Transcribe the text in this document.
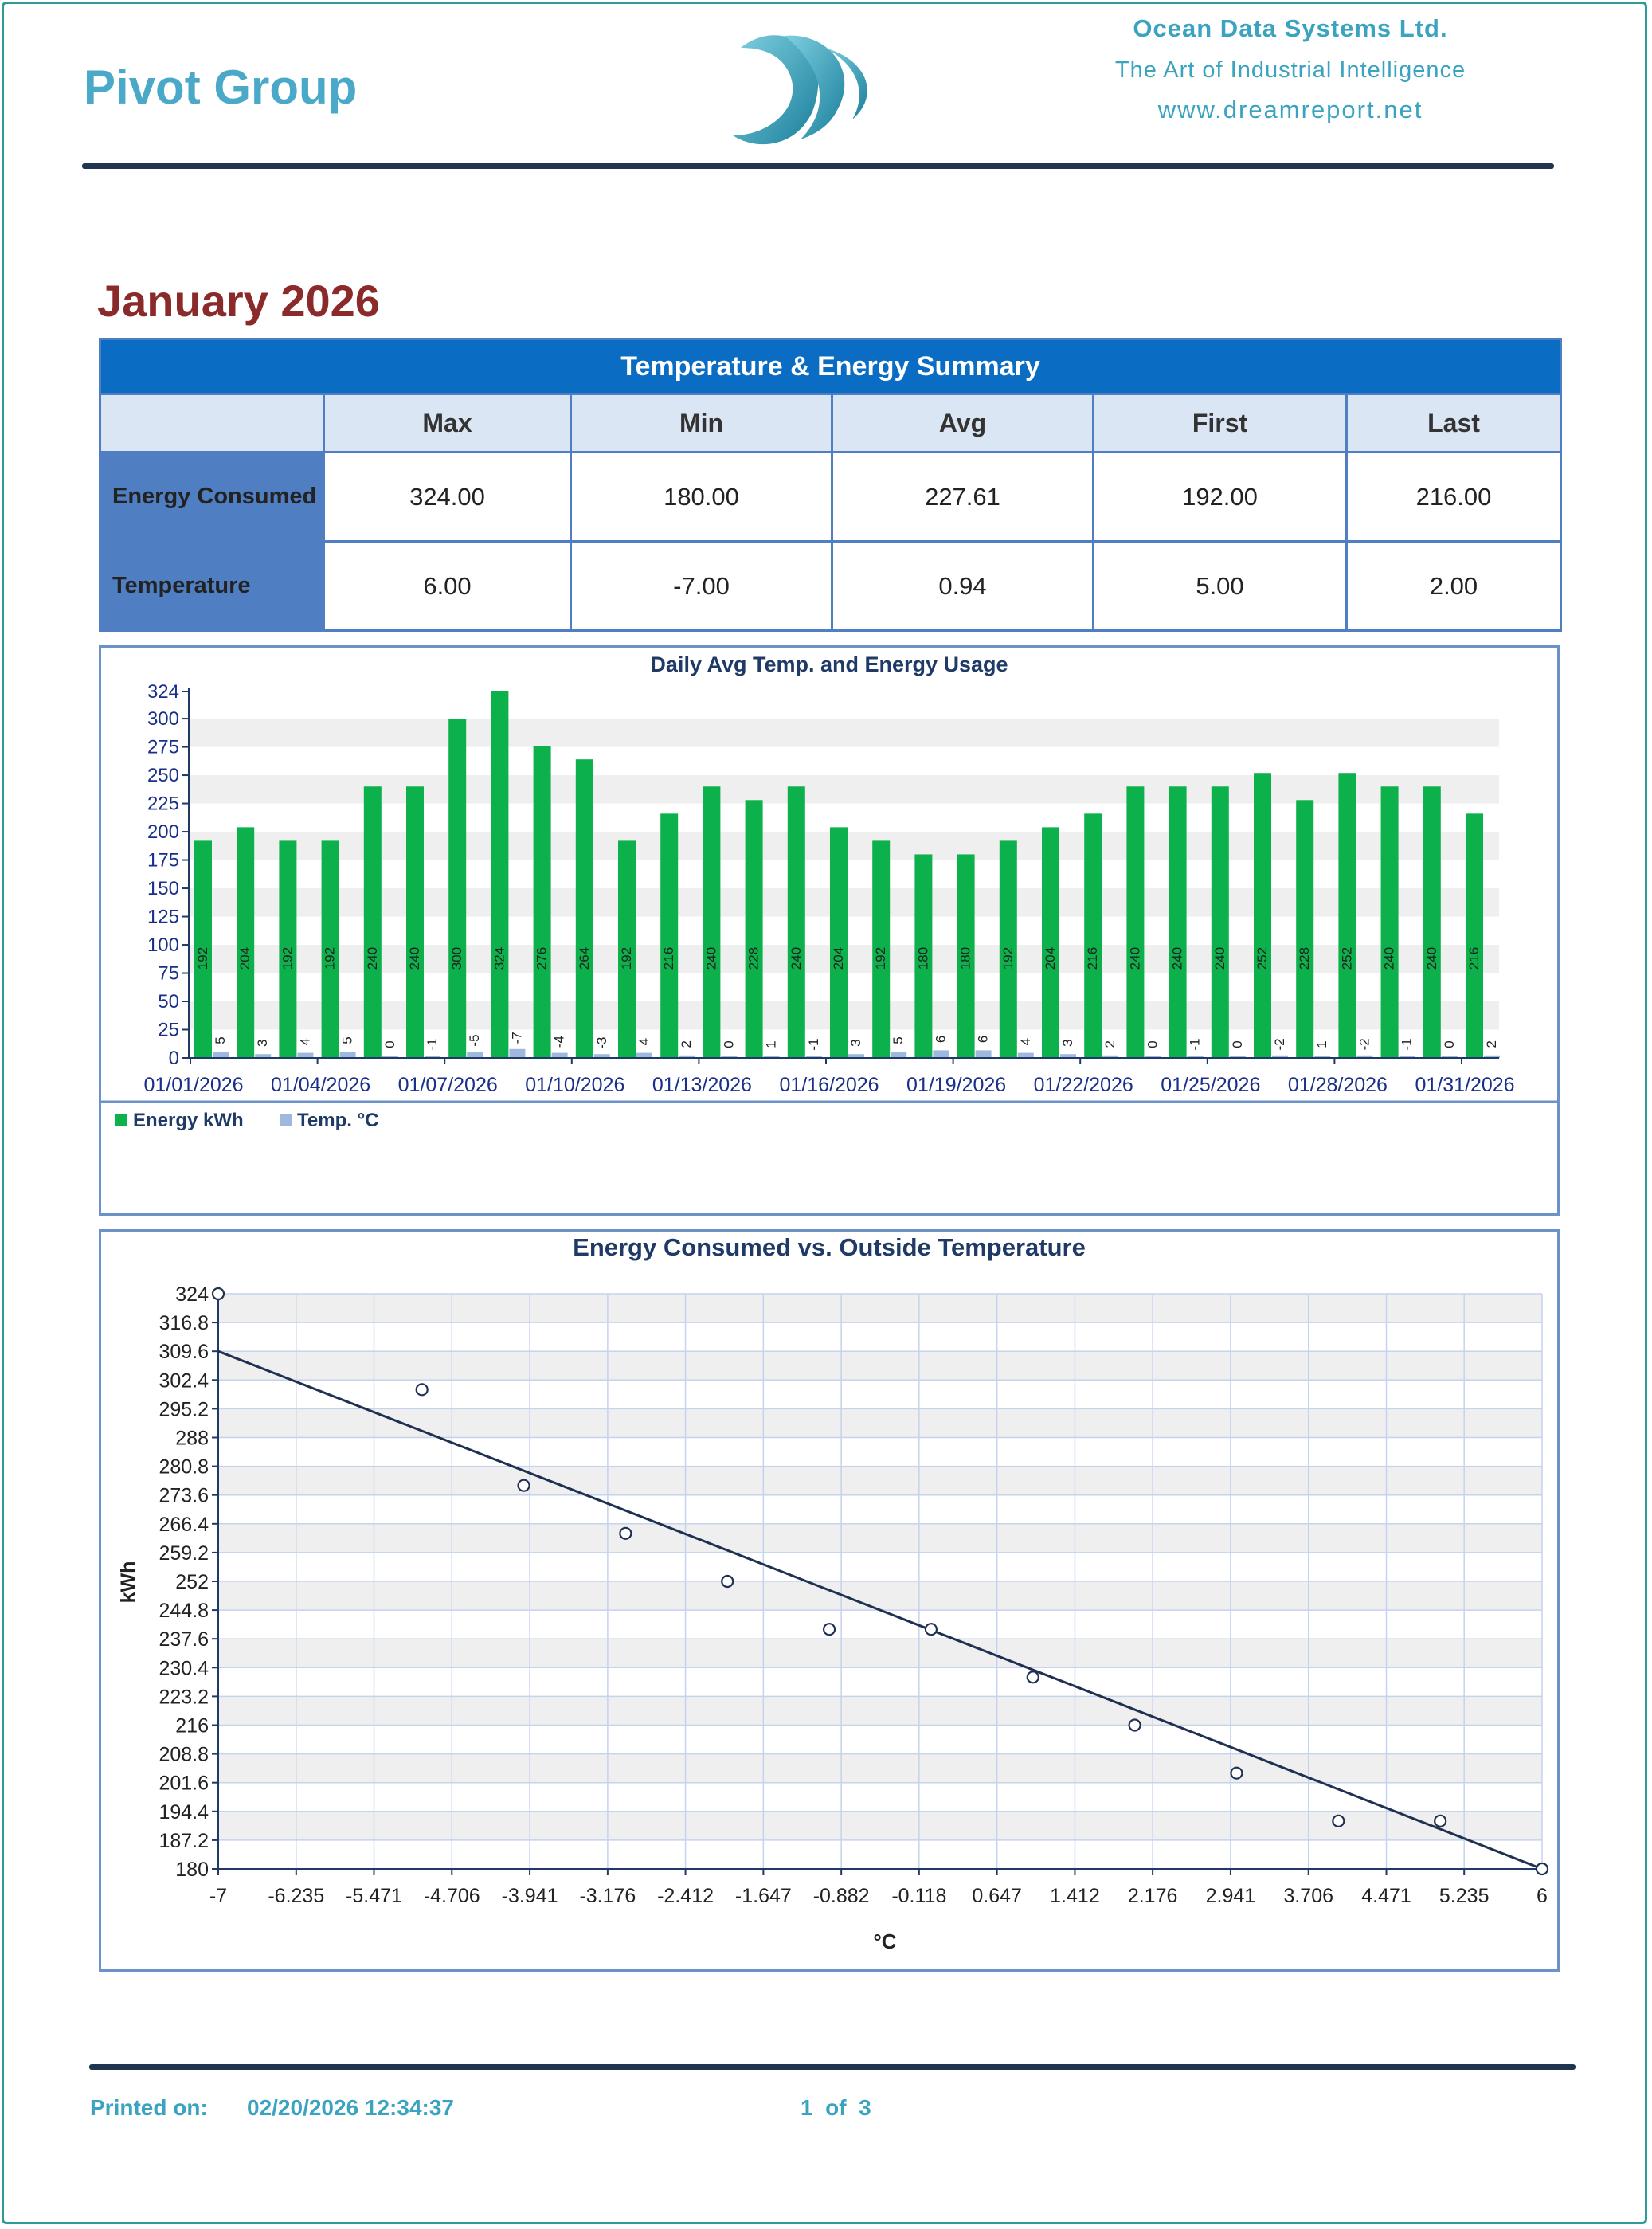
Pivot Group
Ocean Data Systems Ltd.
The Art of Industrial Intelligence
www.dreamreport.net
January 2026
Temperature & Energy Summary					
	Max	Min	Avg	First	Last
Energy Consumed	324.00	180.00	227.61	192.00	216.00
Temperature	6.00	-7.00	0.94	5.00	2.00
Daily Avg Temp. and Energy Usage
0
25
50
75
100
125
150
175
200
225
250
275
300
324
192
5
204
3
192
4
192
5
240
0
240
-1
300
-5
324
-7
276
-4
264
-3
192
4
216
2
240
0
228
1
240
-1
204
3
192
5
180
6
180
6
192
4
204
3
216
2
240
0
240
-1
240
0
252
-2
228
1
252
-2
240
-1
240
0
216
2
01/01/2026 01/04/2026 01/07/2026 01/10/2026 01/13/2026 01/16/2026 01/19/2026 01/22/2026 01/25/2026 01/28/2026 01/31/2026
Energy kWh	Temp. °C
Energy Consumed vs. Outside Temperature
324
316.8
309.6
302.4
295.2
288
280.8
273.6
266.4
259.2
252
244.8
237.6
230.4
223.2
216
208.8
201.6
194.4
187.2
180
-7 -6.235 -5.471 -4.706 -3.941 -3.176 -2.412 -1.647 -0.882 -0.118 0.647 1.412 2.176 2.941 3.706 4.471 5.235 6
kWh
°C
Printed on: 02/20/2026 12:34:37	1  of  3
